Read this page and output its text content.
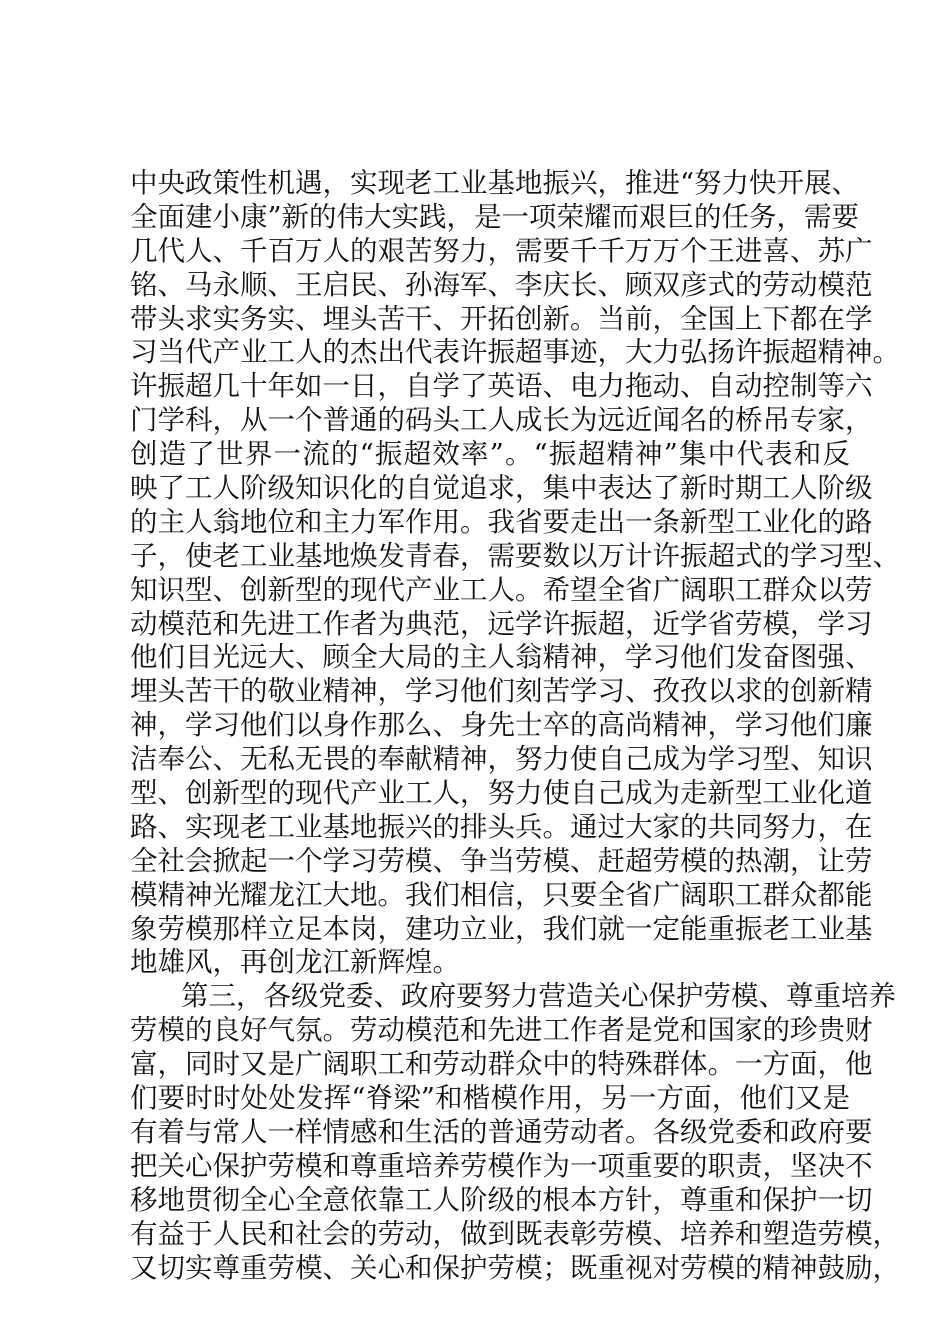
中央政策性机遇，实现老工业基地振兴，推进“努力快开展、
全面建小康”新的伟大实践，是一项荣耀而艰巨的任务，需要
几代人、千百万人的艰苦努力，需要千千万万个王进喜、苏广
铭、马永顺、王启民、孙海军、李庆长、顾双彦式的劳动模范
带头求实务实、埋头苦干、开拓创新。当前，全国上下都在学
习当代产业工人的杰出代表许振超事迹，大力弘扬许振超精神。
许振超几十年如一日，自学了英语、电力拖动、自动控制等六
门学科，从一个普通的码头工人成长为远近闻名的桥吊专家，
创造了世界一流的“振超效率”。“振超精神”集中代表和反
映了工人阶级知识化的自觉追求，集中表达了新时期工人阶级
的主人翁地位和主力军作用。我省要走出一条新型工业化的路
子，使老工业基地焕发青春，需要数以万计许振超式的学习型、
知识型、创新型的现代产业工人。希望全省广阔职工群众以劳
动模范和先进工作者为典范，远学许振超，近学省劳模，学习
他们目光远大、顾全大局的主人翁精神，学习他们发奋图强、
埋头苦干的敬业精神，学习他们刻苦学习、孜孜以求的创新精
神，学习他们以身作那么、身先士卒的高尚精神，学习他们廉
洁奉公、无私无畏的奉献精神，努力使自己成为学习型、知识
型、创新型的现代产业工人，努力使自己成为走新型工业化道
路、实现老工业基地振兴的排头兵。通过大家的共同努力，在
全社会掀起一个学习劳模、争当劳模、赶超劳模的热潮，让劳
模精神光耀龙江大地。我们相信，只要全省广阔职工群众都能
象劳模那样立足本岗，建功立业，我们就一定能重振老工业基
地雄风，再创龙江新辉煌。
第三，各级党委、政府要努力营造关心保护劳模、尊重培养
劳模的良好气氛。劳动模范和先进工作者是党和国家的珍贵财
富，同时又是广阔职工和劳动群众中的特殊群体。一方面，他
们要时时处处发挥“脊梁”和楷模作用，另一方面，他们又是
有着与常人一样情感和生活的普通劳动者。各级党委和政府要
把关心保护劳模和尊重培养劳模作为一项重要的职责，坚决不
移地贯彻全心全意依靠工人阶级的根本方针，尊重和保护一切
有益于人民和社会的劳动，做到既表彰劳模、培养和塑造劳模，
又切实尊重劳模、关心和保护劳模；既重视对劳模的精神鼓励，
